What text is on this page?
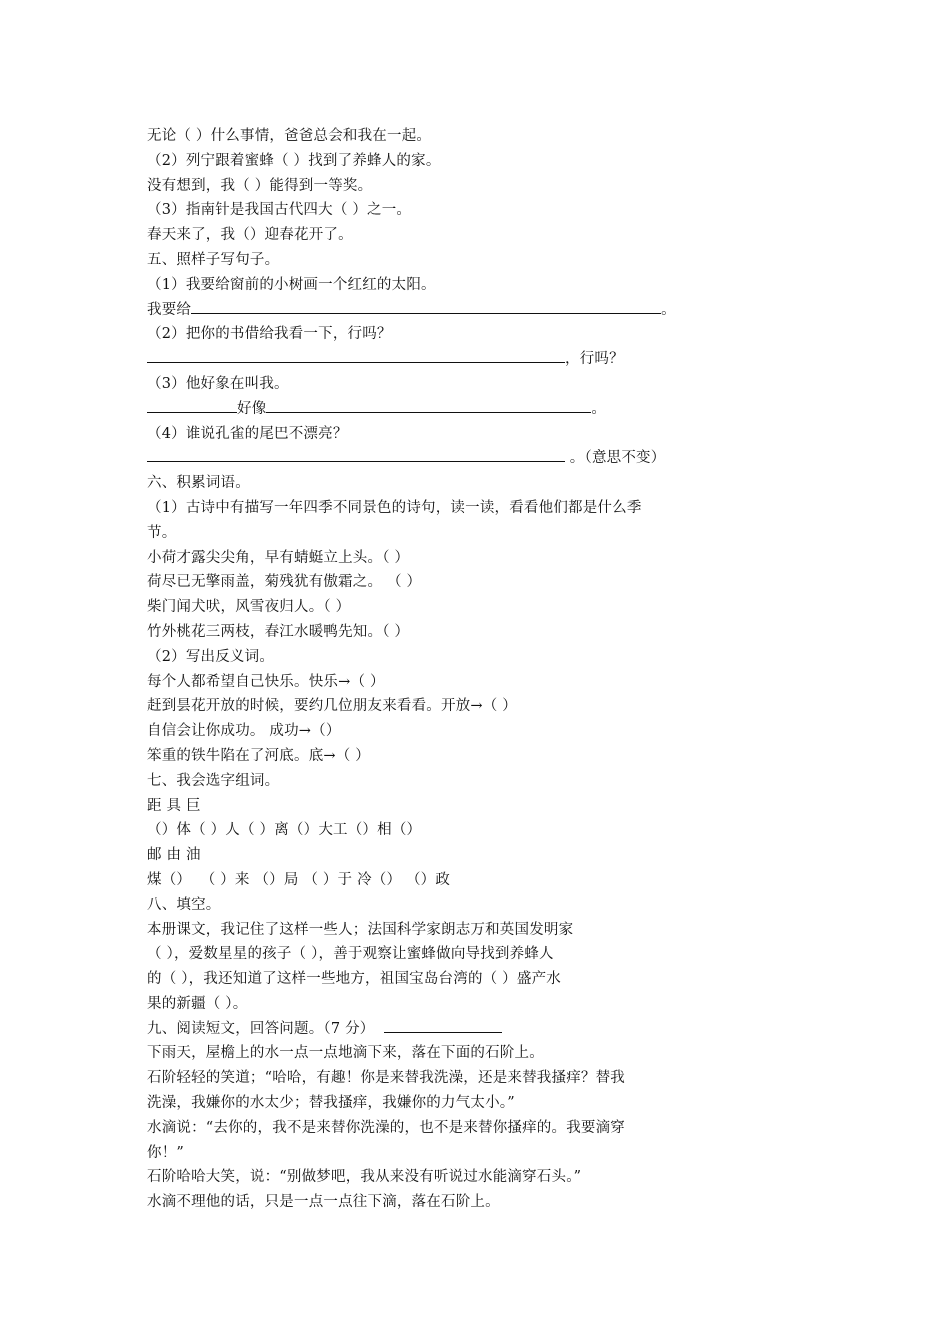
无论（ ）什么事情，爸爸总会和我在一起。
（2）列宁跟着蜜蜂（ ）找到了养蜂人的家。
没有想到，我（ ）能得到一等奖。
（3）指南针是我国古代四大（ ）之一。
春天来了，我（）迎春花开了。
五、照样子写句子。
（1）我要给窗前的小树画一个红红的太阳。
我要给	。
（2）把你的书借给我看一下，行吗？
，行吗？
（3）他好象在叫我。
好像	。
（4）谁说孔雀的尾巴不漂亮？
。（意思不变）
六、积累词语。
（1）古诗中有描写一年四季不同景色的诗句，读一读，看看他们都是什么季
节。
小荷才露尖尖角，早有蜻蜓立上头。（ ）
荷尽已无擎雨盖，菊残犹有傲霜之。 （ ）
柴门闻犬吠，风雪夜归人。（ ）
竹外桃花三两枝，春江水暖鸭先知。（ ）
（2）写出反义词。
每个人都希望自己快乐。快乐→（ ）
赶到昙花开放的时候，要约几位朋友来看看。开放→（ ）
自信会让你成功。 成功→（）
笨重的铁牛陷在了河底。底→（ ）
七、我会选字组词。
距 具 巨
（）体（ ）人（ ）离（）大工（）相（）
邮 由 油
煤（）  （ ）来 （）局 （ ）于 冷（） （）政
八、填空。
本册课文，我记住了这样一些人；法国科学家朗志万和英国发明家
（ ），爱数星星的孩子（ ），善于观察让蜜蜂做向导找到养蜂人
的（ ），我还知道了这样一些地方，祖国宝岛台湾的（ ）盛产水
果的新疆（ ）。
九、阅读短文，回答问题。（7 分）
下雨天，屋檐上的水一点一点地滴下来，落在下面的石阶上。
石阶轻轻的笑道；“哈哈，有趣！你是来替我洗澡，还是来替我搔痒？替我
洗澡，我嫌你的水太少；替我搔痒，我嫌你的力气太小。”
水滴说：“去你的，我不是来替你洗澡的，也不是来替你搔痒的。我要滴穿
你！”
石阶哈哈大笑，说：“别做梦吧，我从来没有听说过水能滴穿石头。”
水滴不理他的话，只是一点一点往下滴，落在石阶上。
